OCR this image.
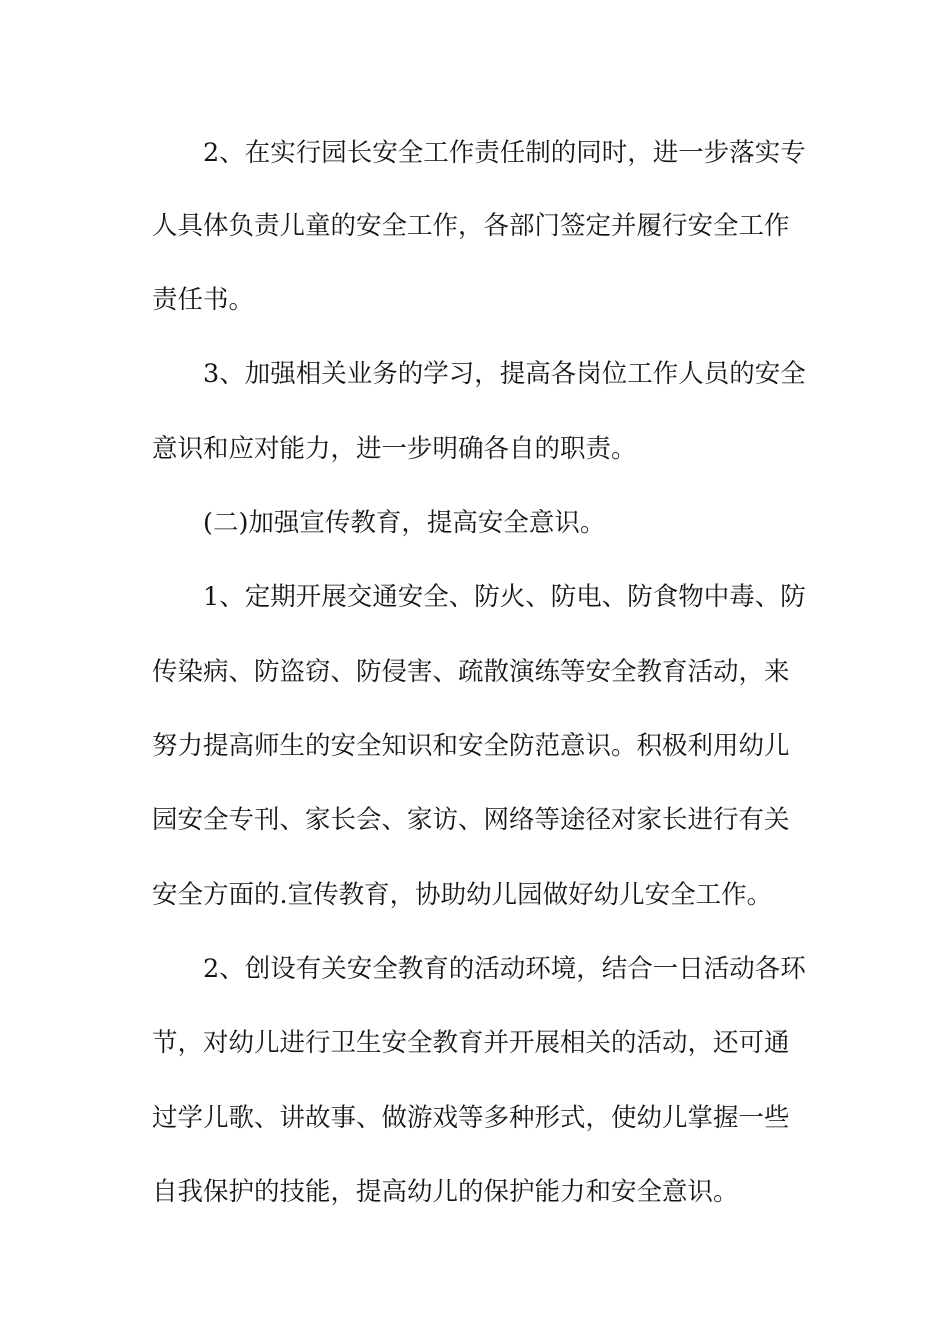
　　2、在实行园长安全工作责任制的同时，进一步落实专
人具体负责儿童的安全工作，各部门签定并履行安全工作
责任书。
　　3、加强相关业务的学习，提高各岗位工作人员的安全
意识和应对能力，进一步明确各自的职责。
　　(二)加强宣传教育，提高安全意识。
　　1、定期开展交通安全、防火、防电、防食物中毒、防
传染病、防盗窃、防侵害、疏散演练等安全教育活动，来
努力提高师生的安全知识和安全防范意识。积极利用幼儿
园安全专刊、家长会、家访、网络等途径对家长进行有关
安全方面的.宣传教育，协助幼儿园做好幼儿安全工作。
　　2、创设有关安全教育的活动环境，结合一日活动各环
节，对幼儿进行卫生安全教育并开展相关的活动，还可通
过学儿歌、讲故事、做游戏等多种形式，使幼儿掌握一些
自我保护的技能，提高幼儿的保护能力和安全意识。
